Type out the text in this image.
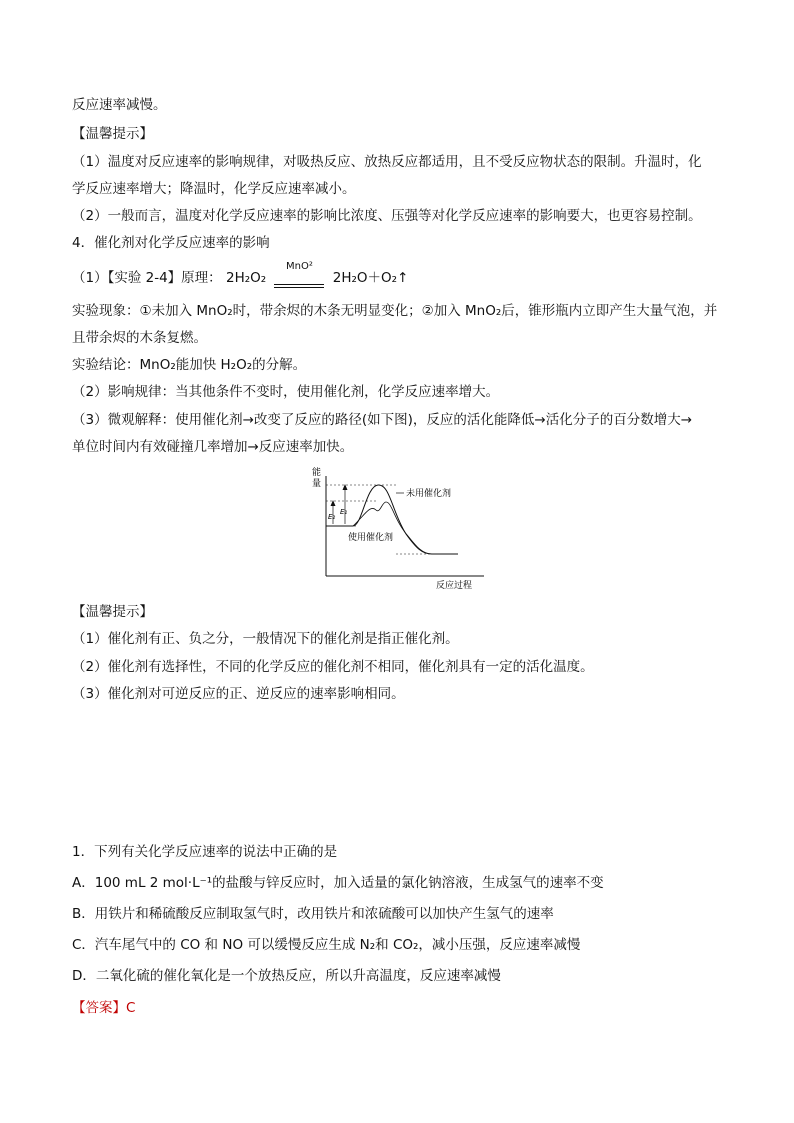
反应速率减慢。
【温馨提示】
（1）温度对反应速率的影响规律，对吸热反应、放热反应都适用，且不受反应物状态的限制。升温时，化
学反应速率增大；降温时，化学反应速率减小。
（2）一般而言，温度对化学反应速率的影响比浓度、压强等对化学反应速率的影响要大，也更容易控制。
4．催化剂对化学反应速率的影响
（1）【实验 2-4】原理： 2H₂O₂
MnO²
2H₂O＋O₂↑
实验现象：①未加入 MnO₂时，带余烬的木条无明显变化；②加入 MnO₂后，锥形瓶内立即产生大量气泡，并
且带余烬的木条复燃。
实验结论：MnO₂能加快 H₂O₂的分解。
（2）影响规律：当其他条件不变时，使用催化剂，化学反应速率增大。
（3）微观解释：使用催化剂→改变了反应的路径(如下图)，反应的活化能降低→活化分子的百分数增大→
单位时间内有效碰撞几率增加→反应速率加快。
能
量
E₁
E₂
未用催化剂
使用催化剂
反应过程
【温馨提示】
（1）催化剂有正、负之分，一般情况下的催化剂是指正催化剂。
（2）催化剂有选择性，不同的化学反应的催化剂不相同，催化剂具有一定的活化温度。
（3）催化剂对可逆反应的正、逆反应的速率影响相同。
1．下列有关化学反应速率的说法中正确的是
A．100 mL 2 mol·L⁻¹的盐酸与锌反应时，加入适量的氯化钠溶液，生成氢气的速率不变
B．用铁片和稀硫酸反应制取氢气时，改用铁片和浓硫酸可以加快产生氢气的速率
C．汽车尾气中的 CO 和 NO 可以缓慢反应生成 N₂和 CO₂，减小压强，反应速率减慢
D．二氧化硫的催化氧化是一个放热反应，所以升高温度，反应速率减慢
【答案】C
